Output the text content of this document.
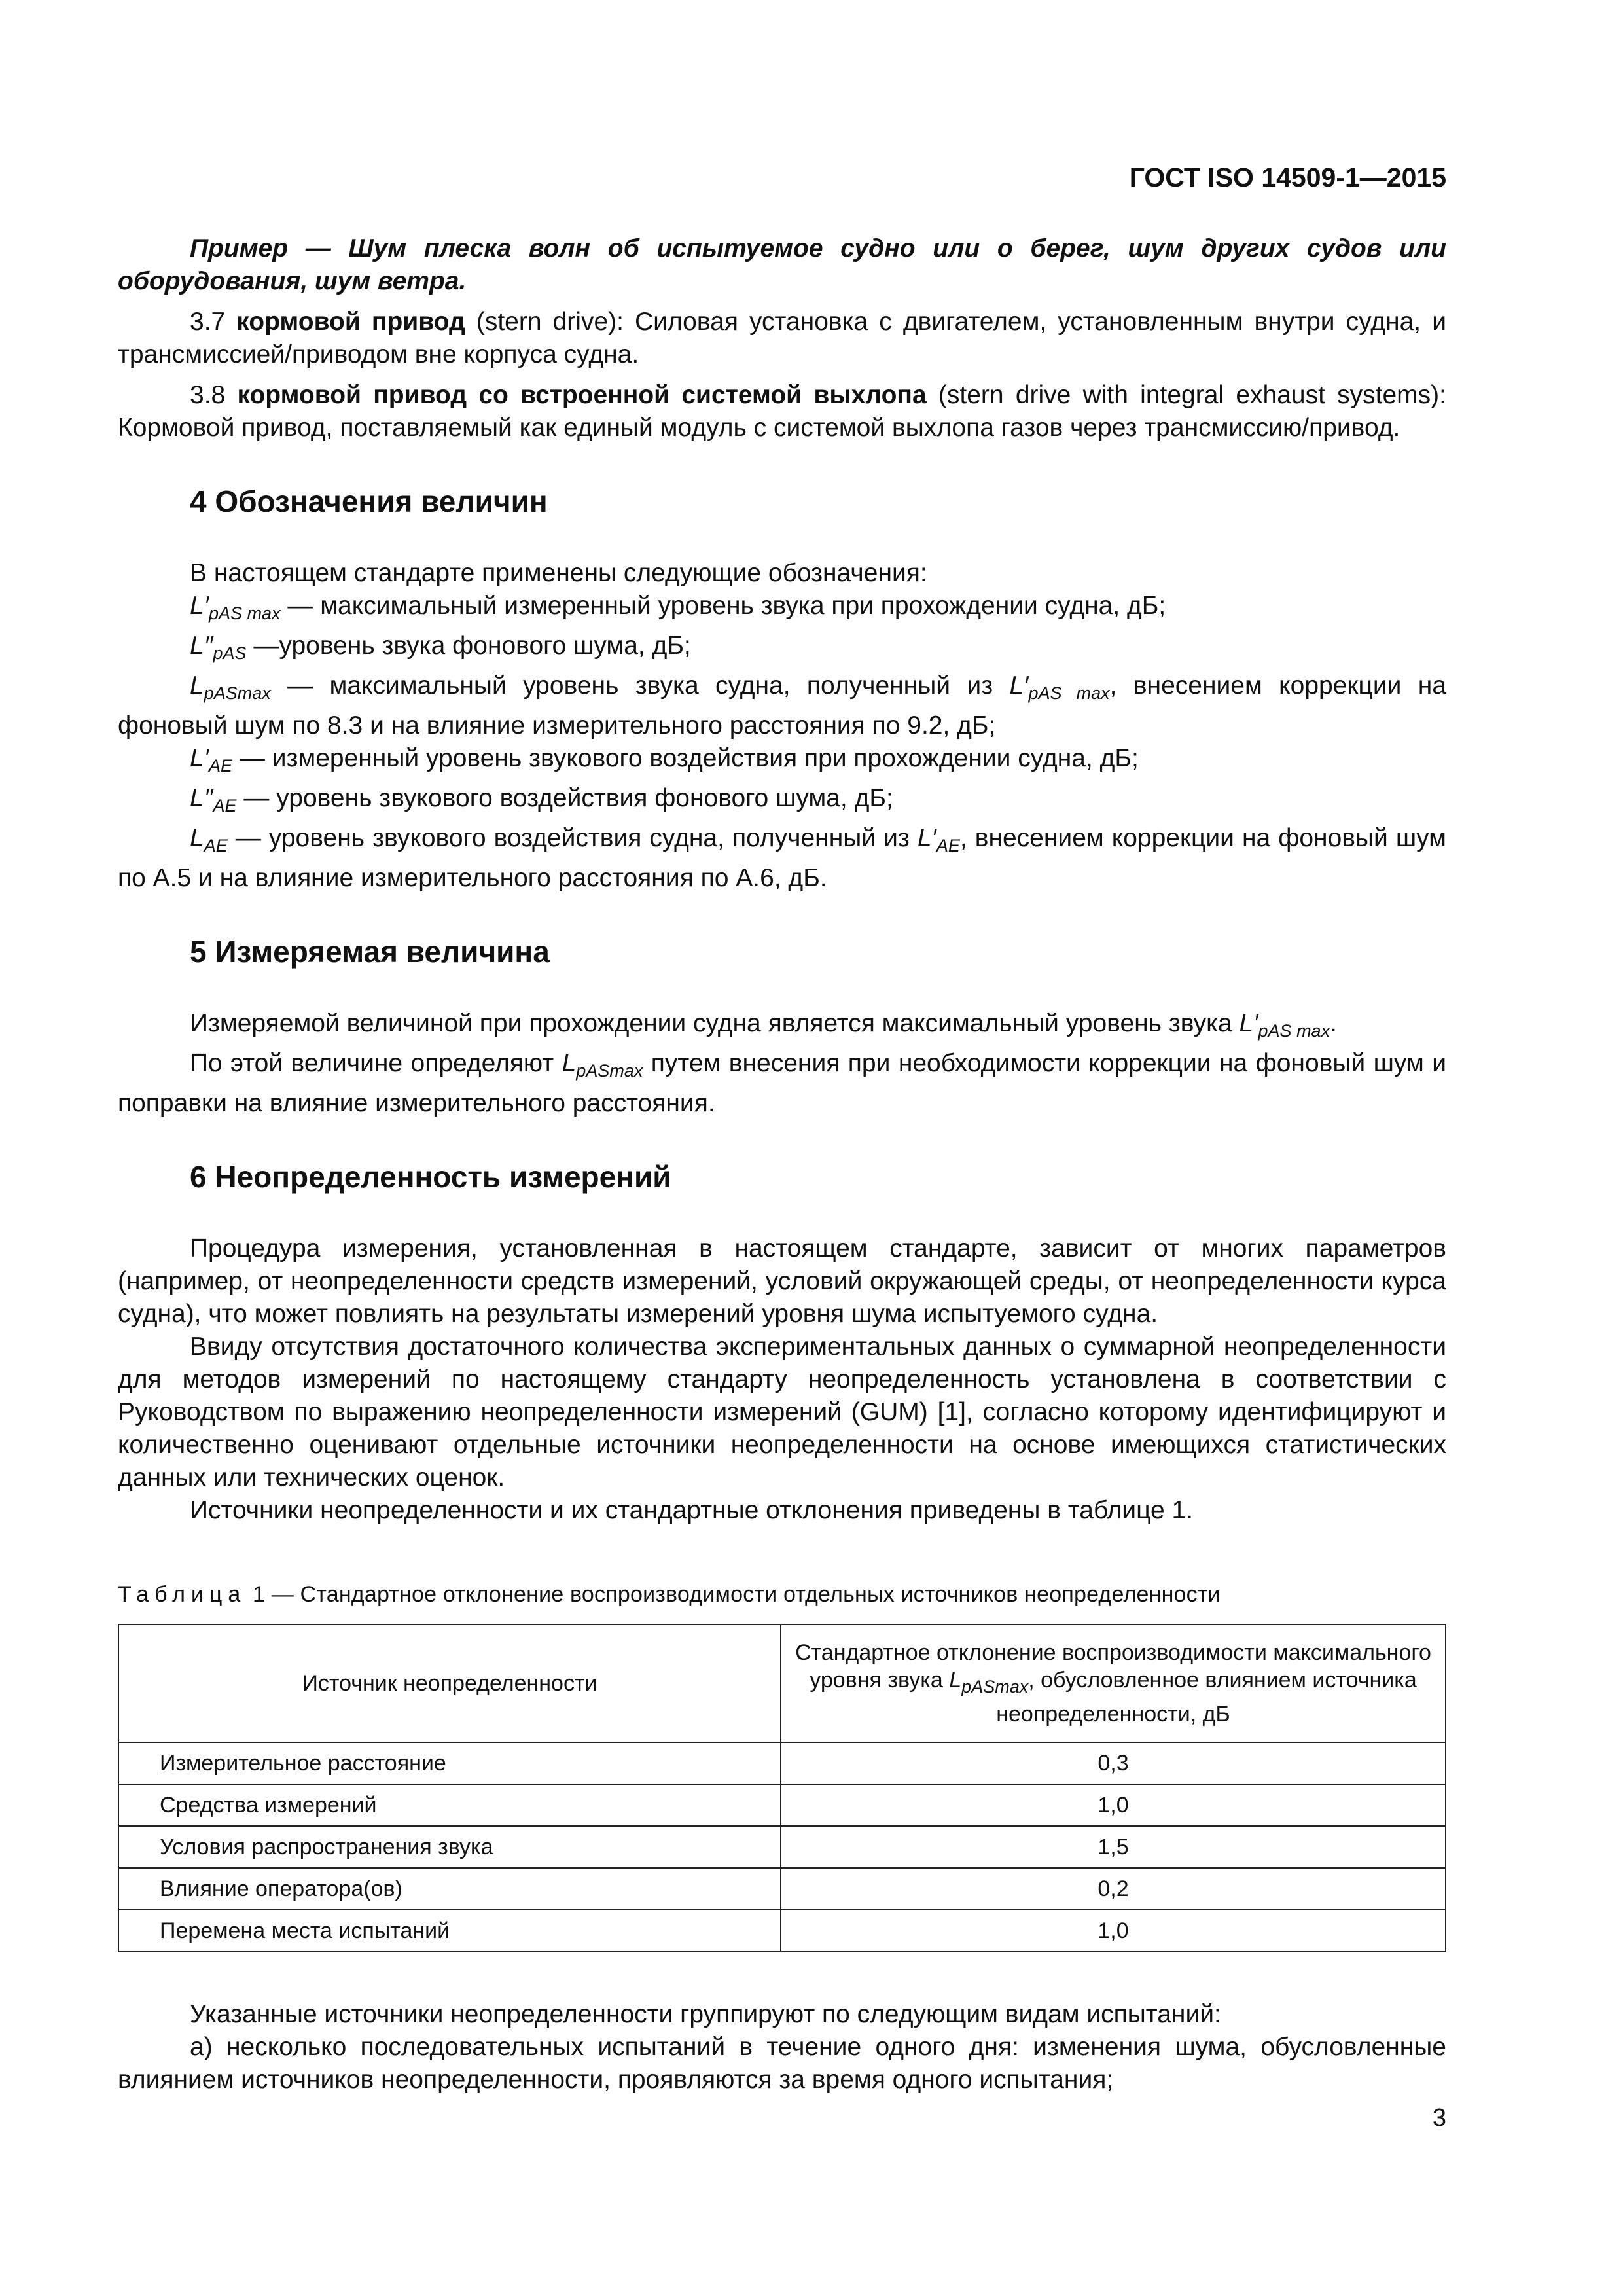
ГОСТ ISO 14509-1—2015

Пример — Шум плеска волн об испытуемое судно или о берег, шум других судов или оборудования, шум ветра.

3.7 кормовой привод (stern drive): Силовая установка с двигателем, установленным внутри судна, и трансмиссией/приводом вне корпуса судна.

3.8 кормовой привод со встроенной системой выхлопа (stern drive with integral exhaust systems): Кормовой привод, поставляемый как единый модуль с системой выхлопа газов через трансмиссию/привод.

4 Обозначения величин

В настоящем стандарте применены следующие обозначения:

$L'_{pAS max}$ — максимальный измеренный уровень звука при прохождении судна, дБ;

$L''_{pAS}$ —уровень звука фонового шума, дБ;

$L_{pASmax}$ — максимальный уровень звука судна, полученный из $L'_{pAS max}$, внесением коррекции на фоновый шум по 8.3 и на влияние измерительного расстояния по 9.2, дБ;

$L'_{AE}$ — измеренный уровень звукового воздействия при прохождении судна, дБ;

$L''_{AE}$ — уровень звукового воздействия фонового шума, дБ;

$L_{AE}$ — уровень звукового воздействия судна, полученный из $L'_{AE}$, внесением коррекции на фоновый шум по А.5 и на влияние измерительного расстояния по А.6, дБ.

5 Измеряемая величина

Измеряемой величиной при прохождении судна является максимальный уровень звука $L'_{pAS max}$.

По этой величине определяют $L_{pASmax}$ путем внесения при необходимости коррекции на фоновый шум и поправки на влияние измерительного расстояния.

6 Неопределенность измерений

Процедура измерения, установленная в настоящем стандарте, зависит от многих параметров (например, от неопределенности средств измерений, условий окружающей среды, от неопределенности курса судна), что может повлиять на результаты измерений уровня шума испытуемого судна.

Ввиду отсутствия достаточного количества экспериментальных данных о суммарной неопределенности для методов измерений по настоящему стандарту неопределенность установлена в соответствии с Руководством по выражению неопределенности измерений (GUM) [1], согласно которому идентифицируют и количественно оценивают отдельные источники неопределенности на основе имеющихся статистических данных или технических оценок.

Источники неопределенности и их стандартные отклонения приведены в таблице 1.

Таблица 1 — Стандартное отклонение воспроизводимости отдельных источников неопределенности
Источник неопределенности	Стандартное отклонение воспроизводимости максимального уровня звука $L_{pASmax}$, обусловленное влиянием источника неопределенности, дБ
Измерительное расстояние	0,3
Средства измерений	1,0
Условия распространения звука	1,5
Влияние оператора(ов)	0,2
Перемена места испытаний	1,0

Указанные источники неопределенности группируют по следующим видам испытаний:

а) несколько последовательных испытаний в течение одного дня: изменения шума, обусловленные влиянием источников неопределенности, проявляются за время одного испытания;

3
